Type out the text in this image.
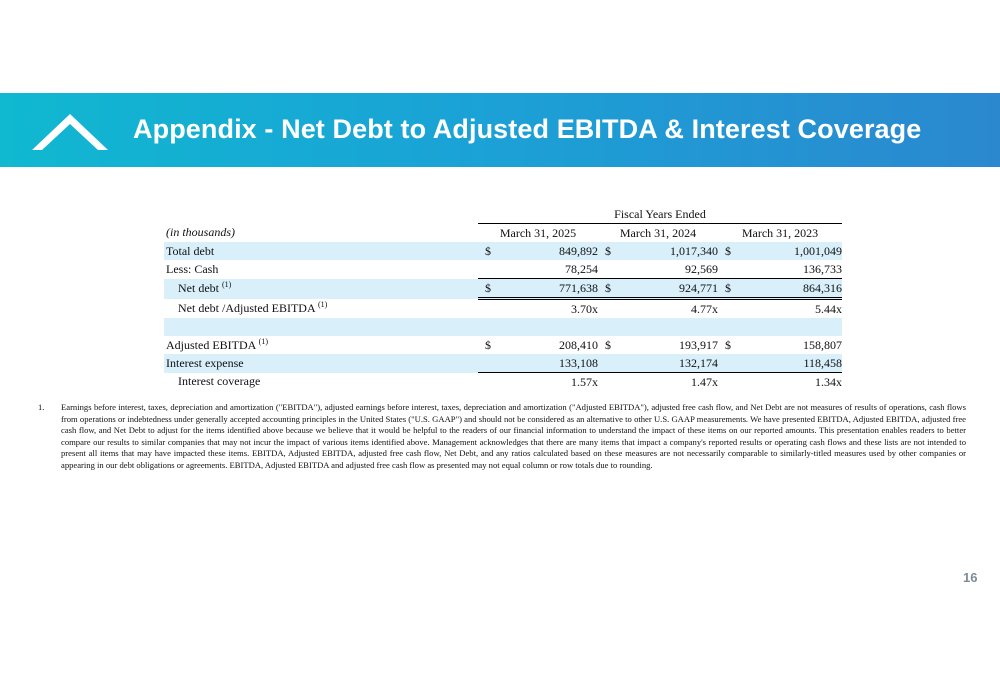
Appendix - Net Debt to Adjusted EBITDA & Interest Coverage
	Fiscal Years Ended					
(in thousands)	March 31, 2025		March 31, 2024		March 31, 2023	
Total debt	$	849,892	$	1,017,340	$	1,001,049
Less: Cash		78,254		92,569		136,733
Net debt $^{(1)}$	$	771,638	$	924,771	$	864,316
Net debt /Adjusted EBITDA $^{(1)}$		3.70x		4.77x		5.44x

Adjusted EBITDA $^{(1)}$	$	208,410	$	193,917	$	158,807
Interest expense		133,108		132,174		118,458
Interest coverage		1.57x		1.47x		1.34x
1. Earnings before interest, taxes, depreciation and amortization ("EBITDA"), adjusted earnings before interest, taxes, depreciation and amortization ("Adjusted EBITDA"), adjusted free cash flow, and Net Debt are not measures of results of operations, cash flows from operations or indebtedness under generally accepted accounting principles in the United States ("U.S. GAAP") and should not be considered as an alternative to other U.S. GAAP measurements. We have presented EBITDA, Adjusted EBITDA, adjusted free cash flow, and Net Debt to adjust for the items identified above because we believe that it would be helpful to the readers of our financial information to understand the impact of these items on our reported amounts. This presentation enables readers to better compare our results to similar companies that may not incur the impact of various items identified above. Management acknowledges that there are many items that impact a company's reported results or operating cash flows and these lists are not intended to present all items that may have impacted these items. EBITDA, Adjusted EBITDA, adjusted free cash flow, Net Debt, and any ratios calculated based on these measures are not necessarily comparable to similarly-titled measures used by other companies or appearing in our debt obligations or agreements. EBITDA, Adjusted EBITDA and adjusted free cash flow as presented may not equal column or row totals due to rounding.
16
